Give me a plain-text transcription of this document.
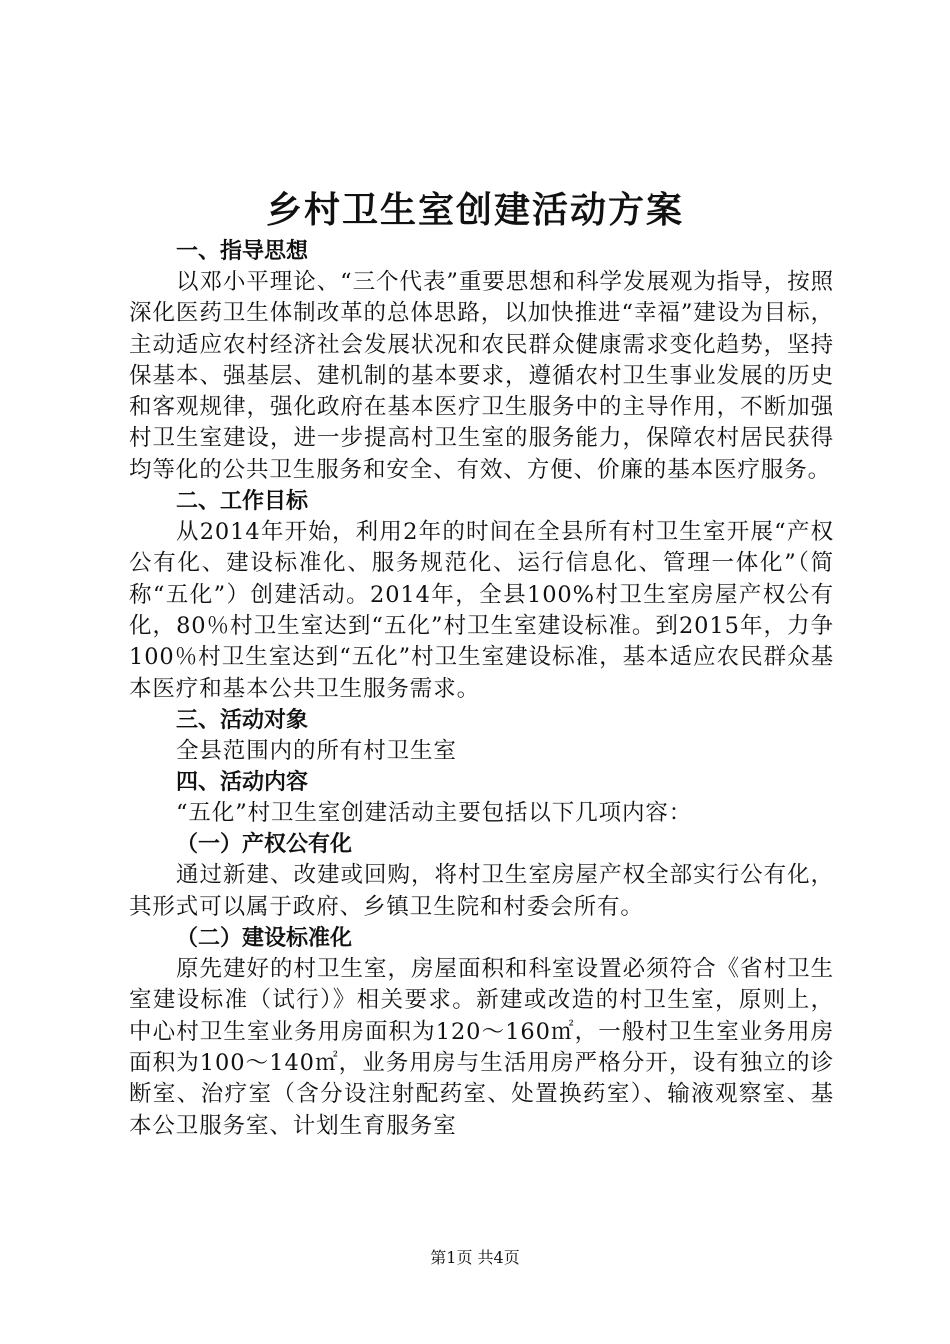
乡村卫生室创建活动方案
一、指导思想

以邓小平理论、“三个代表”重要思想和科学发展观为指导，按照深化医药卫生体制改革的总体思路，以加快推进“幸福”建设为目标，主动适应农村经济社会发展状况和农民群众健康需求变化趋势，坚持保基本、强基层、建机制的基本要求，遵循农村卫生事业发展的历史和客观规律，强化政府在基本医疗卫生服务中的主导作用，不断加强村卫生室建设，进一步提高村卫生室的服务能力，保障农村居民获得均等化的公共卫生服务和安全、有效、方便、价廉的基本医疗服务。

二、工作目标

从2014年开始，利用2年的时间在全县所有村卫生室开展“产权公有化、建设标准化、服务规范化、运行信息化、管理一体化”（简称“五化”）创建活动。2014年，全县100%村卫生室房屋产权公有化，80％村卫生室达到“五化”村卫生室建设标准。到2015年，力争100％村卫生室达到“五化”村卫生室建设标准，基本适应农民群众基本医疗和基本公共卫生服务需求。

三、活动对象

全县范围内的所有村卫生室

四、活动内容

“五化”村卫生室创建活动主要包括以下几项内容：

（一）产权公有化

通过新建、改建或回购，将村卫生室房屋产权全部实行公有化，其形式可以属于政府、乡镇卫生院和村委会所有。

（二）建设标准化

原先建好的村卫生室，房屋面积和科室设置必须符合《省村卫生室建设标准（试行）》相关要求。新建或改造的村卫生室，原则上，中心村卫生室业务用房面积为120～160㎡，一般村卫生室业务用房面积为100～140㎡，业务用房与生活用房严格分开，设有独立的诊断室、治疗室（含分设注射配药室、处置换药室）、输液观察室、基本公卫服务室、计划生育服务室

第1页 共4页
